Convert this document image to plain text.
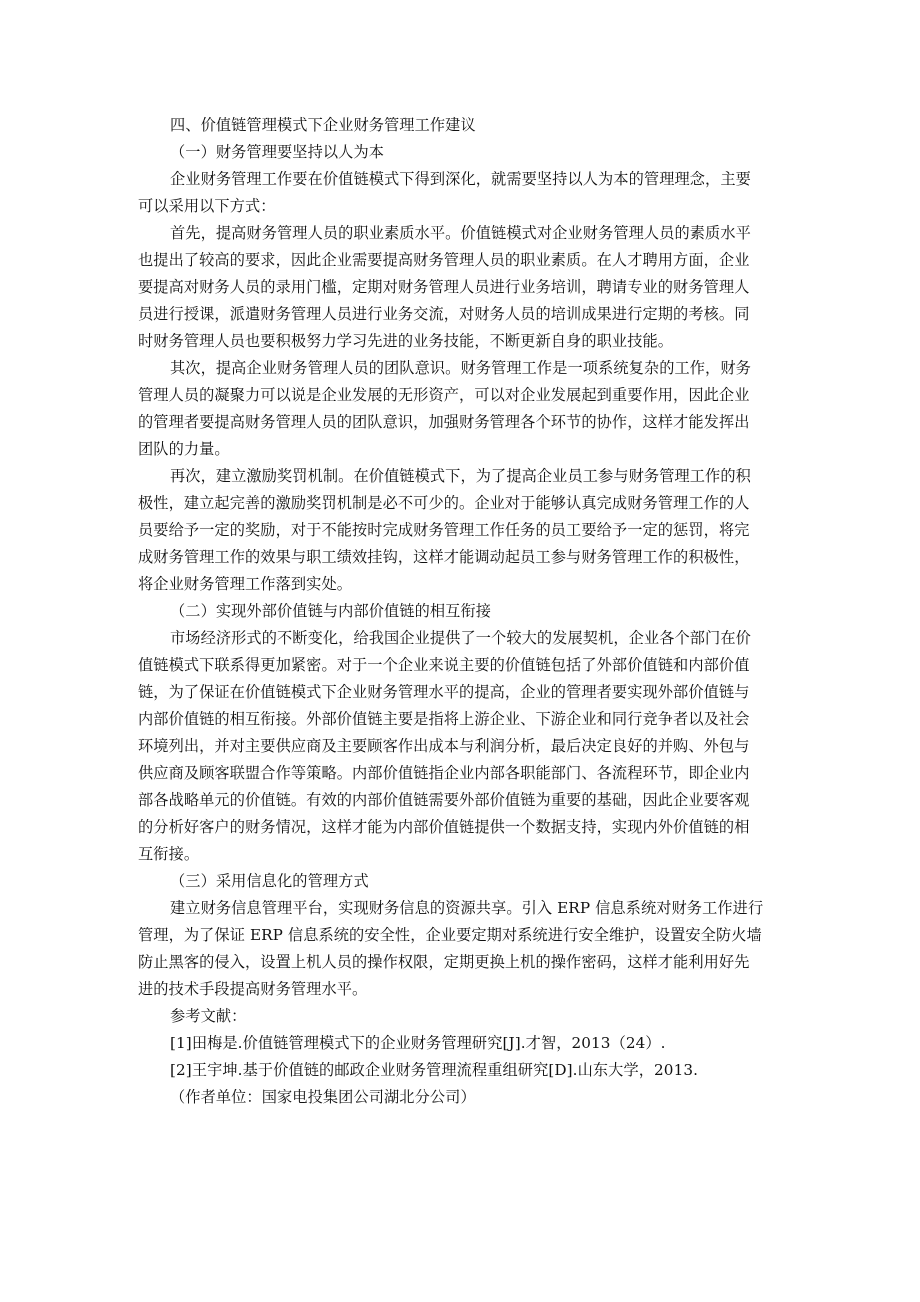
四、价值链管理模式下企业财务管理工作建议
（一）财务管理要坚持以人为本
企业财务管理工作要在价值链模式下得到深化，就需要坚持以人为本的管理理念，主要
可以采用以下方式：
首先，提高财务管理人员的职业素质水平。价值链模式对企业财务管理人员的素质水平
也提出了较高的要求，因此企业需要提高财务管理人员的职业素质。在人才聘用方面，企业
要提高对财务人员的录用门槛，定期对财务管理人员进行业务培训，聘请专业的财务管理人
员进行授课，派遣财务管理人员进行业务交流，对财务人员的培训成果进行定期的考核。同
时财务管理人员也要积极努力学习先进的业务技能，不断更新自身的职业技能。
其次，提高企业财务管理人员的团队意识。财务管理工作是一项系统复杂的工作，财务
管理人员的凝聚力可以说是企业发展的无形资产，可以对企业发展起到重要作用，因此企业
的管理者要提高财务管理人员的团队意识，加强财务管理各个环节的协作，这样才能发挥出
团队的力量。
再次，建立激励奖罚机制。在价值链模式下，为了提高企业员工参与财务管理工作的积
极性，建立起完善的激励奖罚机制是必不可少的。企业对于能够认真完成财务管理工作的人
员要给予一定的奖励，对于不能按时完成财务管理工作任务的员工要给予一定的惩罚，将完
成财务管理工作的效果与职工绩效挂钩，这样才能调动起员工参与财务管理工作的积极性，
将企业财务管理工作落到实处。
（二）实现外部价值链与内部价值链的相互衔接
市场经济形式的不断变化，给我国企业提供了一个较大的发展契机，企业各个部门在价
值链模式下联系得更加紧密。对于一个企业来说主要的价值链包括了外部价值链和内部价值
链，为了保证在价值链模式下企业财务管理水平的提高，企业的管理者要实现外部价值链与
内部价值链的相互衔接。外部价值链主要是指将上游企业、下游企业和同行竞争者以及社会
环境列出，并对主要供应商及主要顾客作出成本与利润分析，最后决定良好的并购、外包与
供应商及顾客联盟合作等策略。内部价值链指企业内部各职能部门、各流程环节，即企业内
部各战略单元的价值链。有效的内部价值链需要外部价值链为重要的基础，因此企业要客观
的分析好客户的财务情况，这样才能为内部价值链提供一个数据支持，实现内外价值链的相
互衔接。
（三）采用信息化的管理方式
建立财务信息管理平台，实现财务信息的资源共享。引入 ERP 信息系统对财务工作进行
管理，为了保证 ERP 信息系统的安全性，企业要定期对系统进行安全维护，设置安全防火墙
防止黑客的侵入，设置上机人员的操作权限，定期更换上机的操作密码，这样才能利用好先
进的技术手段提高财务管理水平。
参考文献：
[1]田梅是.价值链管理模式下的企业财务管理研究[J].才智，2013（24）.
[2]王宇坤.基于价值链的邮政企业财务管理流程重组研究[D].山东大学，2013.
（作者单位：国家电投集团公司湖北分公司）
